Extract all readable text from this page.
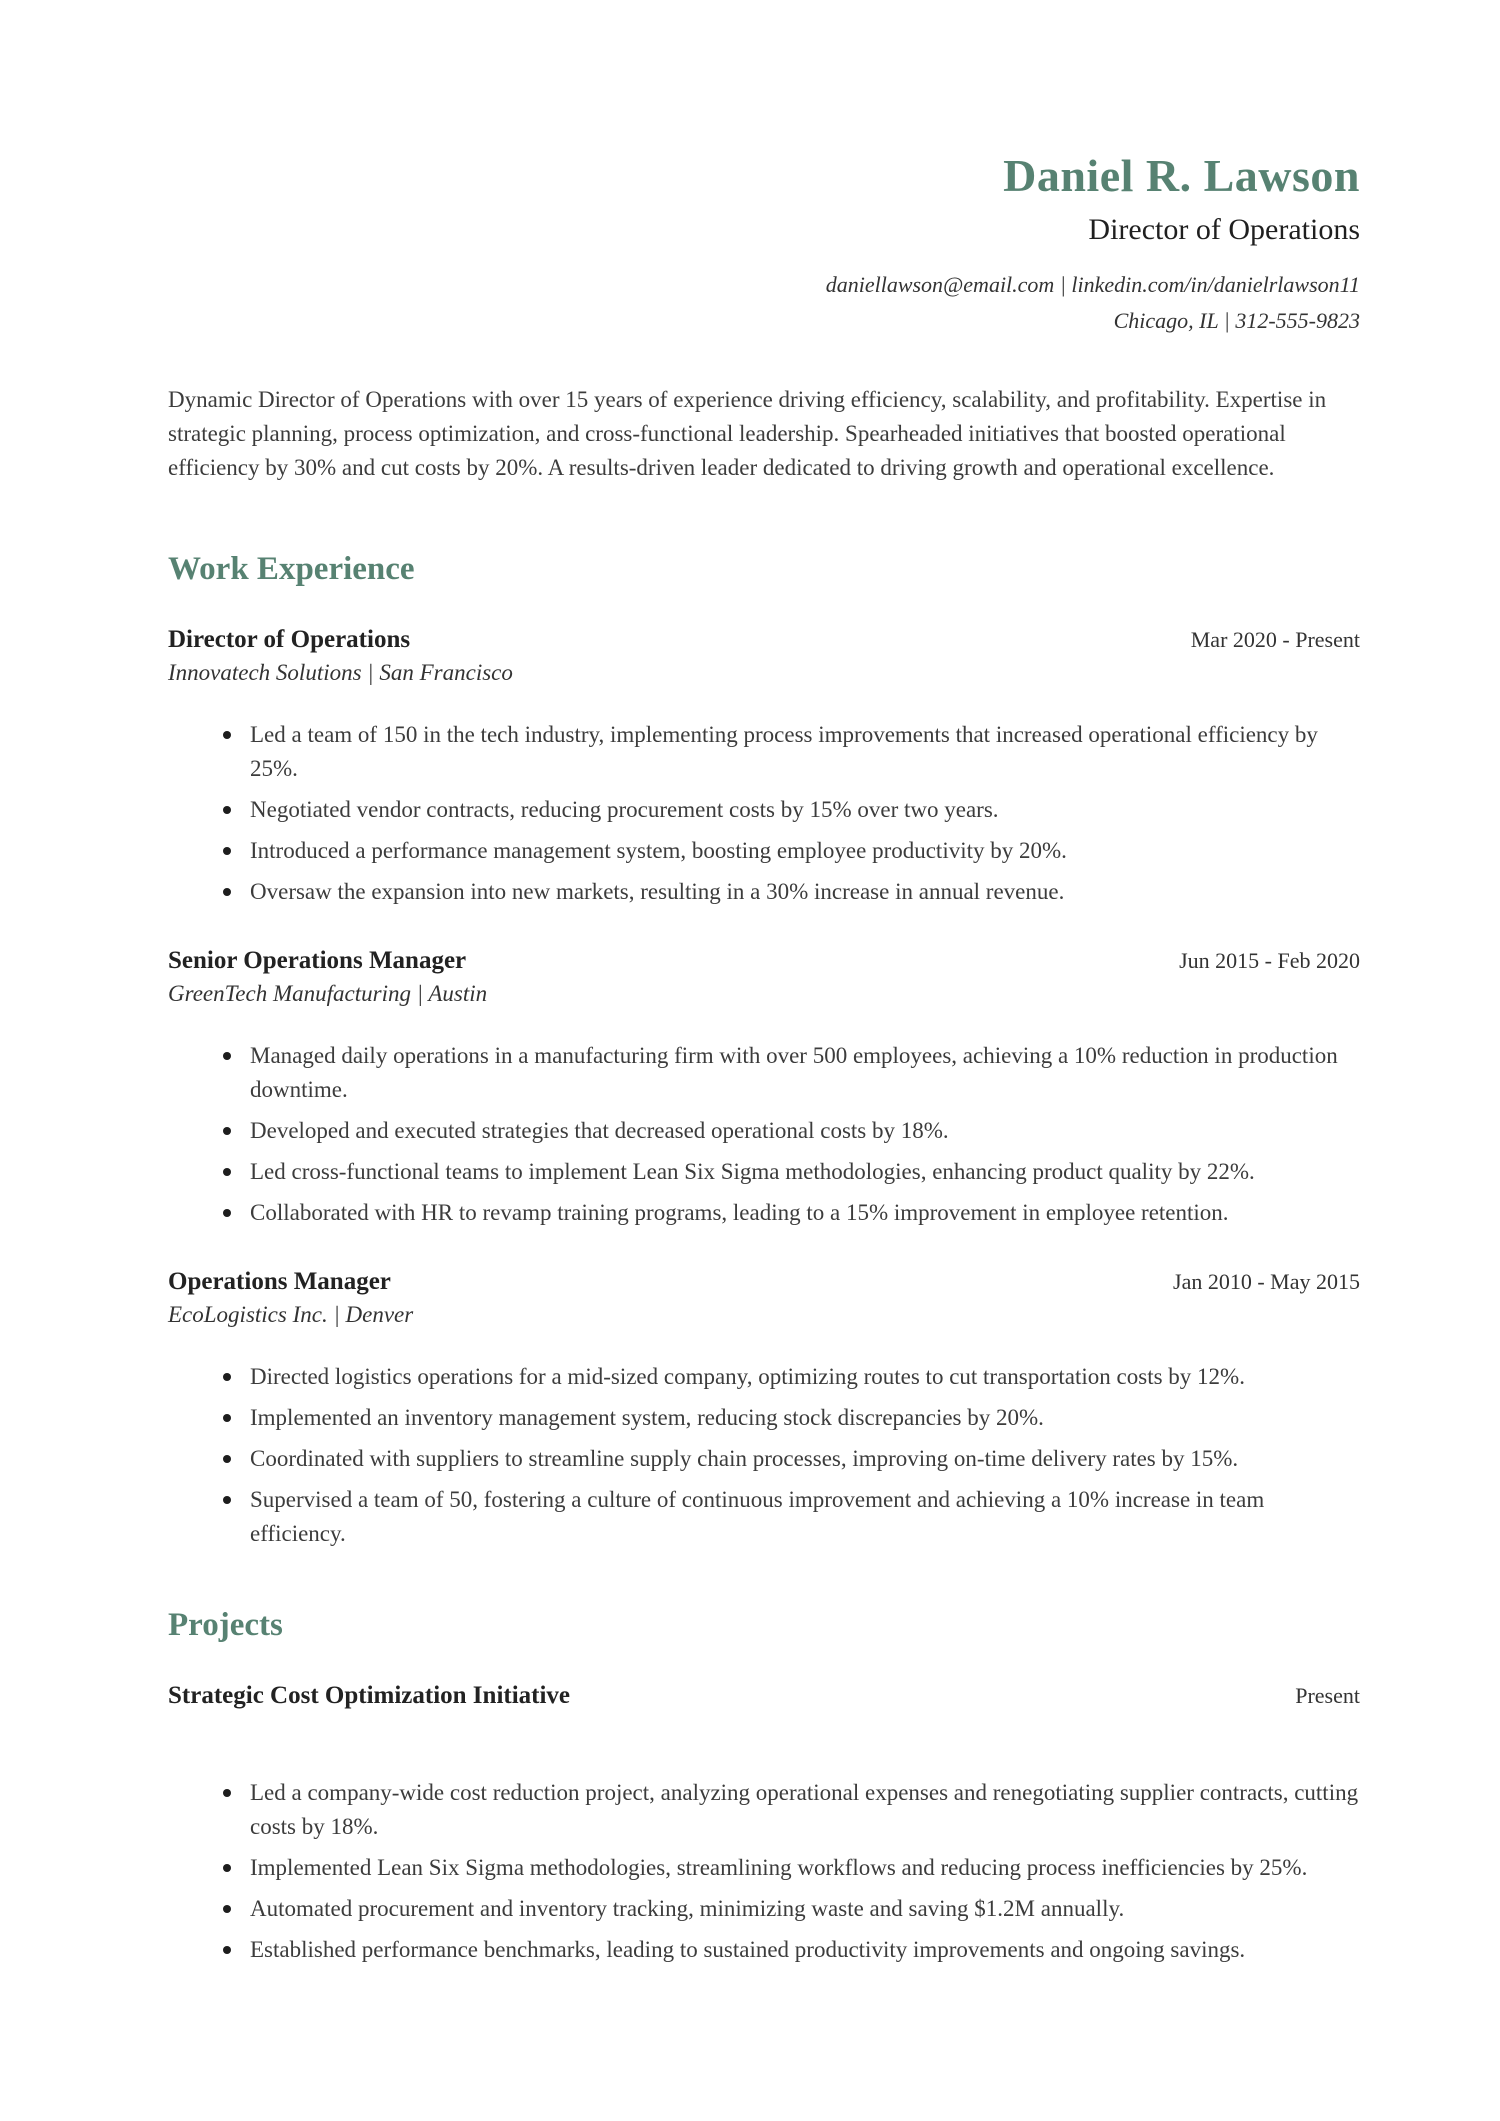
Daniel R. Lawson
Director of Operations
daniellawson@email.com | linkedin.com/in/danielrlawson11
Chicago, IL | 312-555-9823

Dynamic Director of Operations with over 15 years of experience driving efficiency, scalability, and profitability. Expertise in strategic planning, process optimization, and cross-functional leadership. Spearheaded initiatives that boosted operational efficiency by 30% and cut costs by 20%. A results-driven leader dedicated to driving growth and operational excellence.

Work Experience
Director of Operations	Mar 2020 - Present
Innovatech Solutions | San Francisco
Led a team of 150 in the tech industry, implementing process improvements that increased operational efficiency by 25%.
Negotiated vendor contracts, reducing procurement costs by 15% over two years.
Introduced a performance management system, boosting employee productivity by 20%.
Oversaw the expansion into new markets, resulting in a 30% increase in annual revenue.
Senior Operations Manager	Jun 2015 - Feb 2020
GreenTech Manufacturing | Austin
Managed daily operations in a manufacturing firm with over 500 employees, achieving a 10% reduction in production downtime.
Developed and executed strategies that decreased operational costs by 18%.
Led cross-functional teams to implement Lean Six Sigma methodologies, enhancing product quality by 22%.
Collaborated with HR to revamp training programs, leading to a 15% improvement in employee retention.
Operations Manager	Jan 2010 - May 2015
EcoLogistics Inc. | Denver
Directed logistics operations for a mid-sized company, optimizing routes to cut transportation costs by 12%.
Implemented an inventory management system, reducing stock discrepancies by 20%.
Coordinated with suppliers to streamline supply chain processes, improving on-time delivery rates by 15%.
Supervised a team of 50, fostering a culture of continuous improvement and achieving a 10% increase in team efficiency.
Projects
Strategic Cost Optimization Initiative	Present
Led a company-wide cost reduction project, analyzing operational expenses and renegotiating supplier contracts, cutting costs by 18%.
Implemented Lean Six Sigma methodologies, streamlining workflows and reducing process inefficiencies by 25%.
Automated procurement and inventory tracking, minimizing waste and saving $1.2M annually.
Established performance benchmarks, leading to sustained productivity improvements and ongoing savings.
